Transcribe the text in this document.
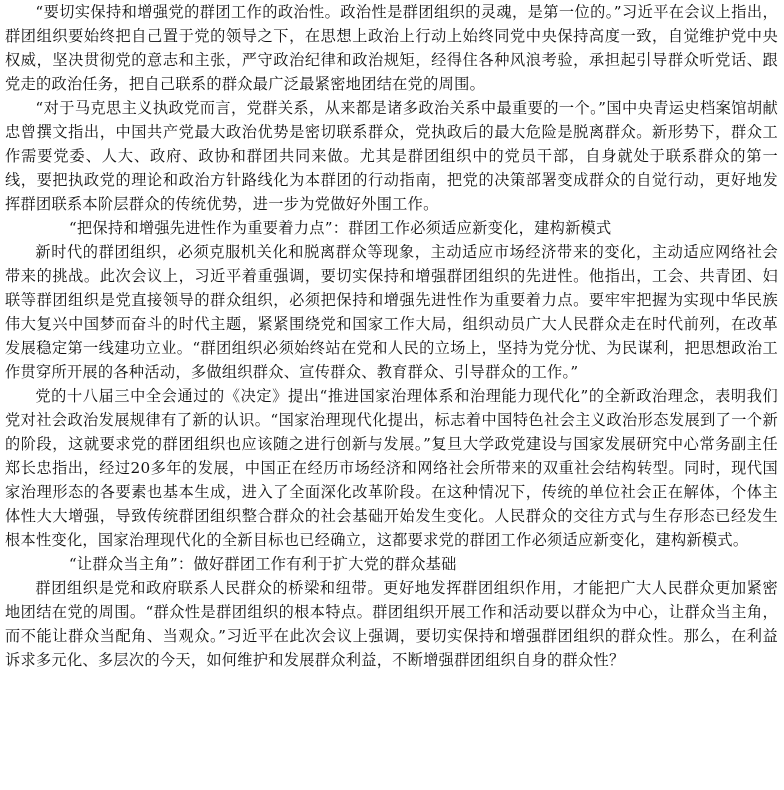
“要切实保持和增强党的群团工作的政治性。政治性是群团组织的灵魂，是第一位的。”习近平在会议上指出，群团组织要始终把自己置于党的领导之下，在思想上政治上行动上始终同党中央保持高度一致，自觉维护党中央权威，坚决贯彻党的意志和主张，严守政治纪律和政治规矩，经得住各种风浪考验，承担起引导群众听党话、跟党走的政治任务，把自己联系的群众最广泛最紧密地团结在党的周围。

“对于马克思主义执政党而言，党群关系，从来都是诸多政治关系中最重要的一个。”国中央青运史档案馆胡献忠曾撰文指出，中国共产党最大政治优势是密切联系群众，党执政后的最大危险是脱离群众。新形势下，群众工作需要党委、人大、政府、政协和群团共同来做。尤其是群团组织中的党员干部，自身就处于联系群众的第一线，要把执政党的理论和政治方针路线化为本群团的行动指南，把党的决策部署变成群众的自觉行动，更好地发挥群团联系本阶层群众的传统优势，进一步为党做好外围工作。

“把保持和增强先进性作为重要着力点”：群团工作必须适应新变化，建构新模式

新时代的群团组织，必须克服机关化和脱离群众等现象，主动适应市场经济带来的变化，主动适应网络社会带来的挑战。此次会议上，习近平着重强调，要切实保持和增强群团组织的先进性。他指出，工会、共青团、妇联等群团组织是党直接领导的群众组织，必须把保持和增强先进性作为重要着力点。要牢牢把握为实现中华民族伟大复兴中国梦而奋斗的时代主题，紧紧围绕党和国家工作大局，组织动员广大人民群众走在时代前列，在改革发展稳定第一线建功立业。“群团组织必须始终站在党和人民的立场上，坚持为党分忧、为民谋利，把思想政治工作贯穿所开展的各种活动，多做组织群众、宣传群众、教育群众、引导群众的工作。”

党的十八届三中全会通过的《决定》提出“推进国家治理体系和治理能力现代化”的全新政治理念，表明我们党对社会政治发展规律有了新的认识。“国家治理现代化提出，标志着中国特色社会主义政治形态发展到了一个新的阶段，这就要求党的群团组织也应该随之进行创新与发展。”复旦大学政党建设与国家发展研究中心常务副主任郑长忠指出，经过20多年的发展，中国正在经历市场经济和网络社会所带来的双重社会结构转型。同时，现代国家治理形态的各要素也基本生成，进入了全面深化改革阶段。在这种情况下，传统的单位社会正在解体，个体主体性大大增强，导致传统群团组织整合群众的社会基础开始发生变化。人民群众的交往方式与生存形态已经发生根本性变化，国家治理现代化的全新目标也已经确立，这都要求党的群团工作必须适应新变化，建构新模式。

“让群众当主角”：做好群团工作有利于扩大党的群众基础

群团组织是党和政府联系人民群众的桥梁和纽带。更好地发挥群团组织作用，才能把广大人民群众更加紧密地团结在党的周围。“群众性是群团组织的根本特点。群团组织开展工作和活动要以群众为中心，让群众当主角，而不能让群众当配角、当观众。”习近平在此次会议上强调，要切实保持和增强群团组织的群众性。那么，在利益诉求多元化、多层次的今天，如何维护和发展群众利益，不断增强群团组织自身的群众性？
